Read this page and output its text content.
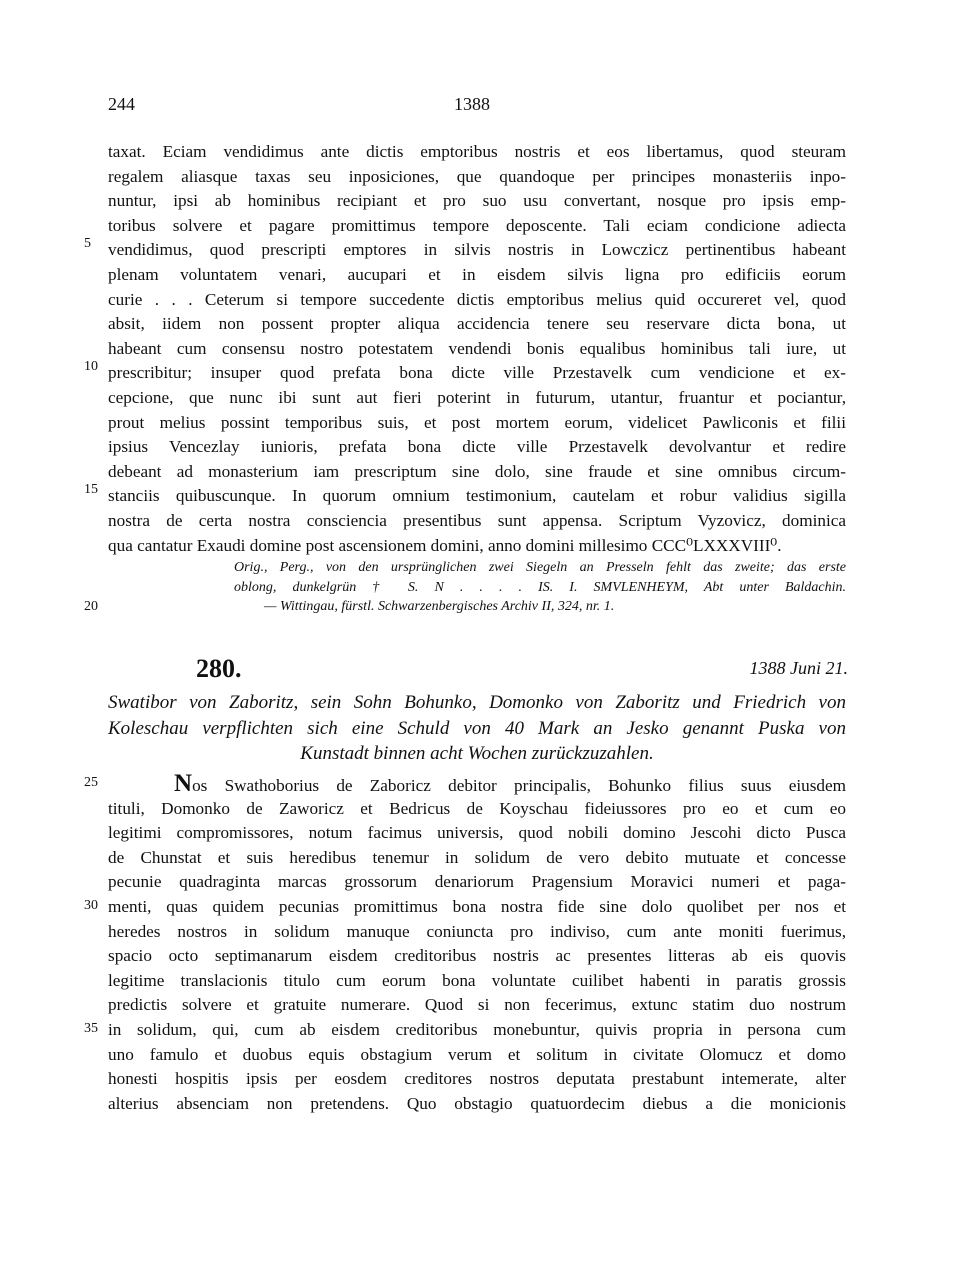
244	1388
taxat. Eciam vendidimus ante dictis emptoribus nostris et eos libertamus, quod steuram
regalem aliasque taxas seu inposiciones, que quandoque per principes monasteriis inpo-
nuntur, ipsi ab hominibus recipiant et pro suo usu convertant, nosque pro ipsis emp-
toribus solvere et pagare promittimus tempore deposcente. Tali eciam condicione adiecta
vendidimus, quod prescripti emptores in silvis nostris in Lowczicz pertinentibus habeant
plenam voluntatem venari, aucupari et in eisdem silvis ligna pro edificiis eorum
curie . . . Ceterum si tempore succedente dictis emptoribus melius quid occureret vel, quod
absit, iidem non possent propter aliqua accidencia tenere seu reservare dicta bona, ut
habeant cum consensu nostro potestatem vendendi bonis equalibus hominibus tali iure, ut
prescribitur; insuper quod prefata bona dicte ville Przestavelk cum vendicione et ex-
cepcione, que nunc ibi sunt aut fieri poterint in futurum, utantur, fruantur et pociantur,
prout melius possint temporibus suis, et post mortem eorum, videlicet Pawliconis et filii
ipsius Vencezlay iunioris, prefata bona dicte ville Przestavelk devolvantur et redire
debeant ad monasterium iam prescriptum sine dolo, sine fraude et sine omnibus circum-
stanciis quibuscunque. In quorum omnium testimonium, cautelam et robur validius sigilla
nostra de certa nostra consciencia presentibus sunt appensa. Scriptum Vyzovicz, dominica
qua cantatur Exaudi domine post ascensionem domini, anno domini millesimo CCC⁰LXXXVIII⁰.
5
10
15
Orig., Perg., von den ursprünglichen zwei Siegeln an Presseln fehlt das zweite; das erste
oblong, dunkelgrün † S. N . . . . IS. I. SMVLENHEYM, Abt unter Baldachin.
— Wittingau, fürstl. Schwarzenbergisches Archiv II, 324, nr. 1.
20
280.	1388 Juni 21.
Swatibor von Zaboritz, sein Sohn Bohunko, Domonko von Zaboritz und Friedrich von
Koleschau verpflichten sich eine Schuld von 40 Mark an Jesko genannt Puska von
Kunstadt binnen acht Wochen zurückzuzahlen.
Nos Swathoborius de Zaboricz debitor principalis, Bohunko filius suus eiusdem
tituli, Domonko de Zaworicz et Bedricus de Koyschau fideiussores pro eo et cum eo
legitimi compromissores, notum facimus universis, quod nobili domino Jescohi dicto Pusca
de Chunstat et suis heredibus tenemur in solidum de vero debito mutuate et concesse
pecunie quadraginta marcas grossorum denariorum Pragensium Moravici numeri et paga-
menti, quas quidem pecunias promittimus bona nostra fide sine dolo quolibet per nos et
heredes nostros in solidum manuque coniuncta pro indiviso, cum ante moniti fuerimus,
spacio octo septimanarum eisdem creditoribus nostris ac presentes litteras ab eis quovis
legitime translacionis titulo cum eorum bona voluntate cuilibet habenti in paratis grossis
predictis solvere et gratuite numerare. Quod si non fecerimus, extunc statim duo nostrum
in solidum, qui, cum ab eisdem creditoribus monebuntur, quivis propria in persona cum
uno famulo et duobus equis obstagium verum et solitum in civitate Olomucz et domo
honesti hospitis ipsis per eosdem creditores nostros deputata prestabunt intemerate, alter
alterius absenciam non pretendens. Quo obstagio quatuordecim diebus a die monicionis
25
30
35
